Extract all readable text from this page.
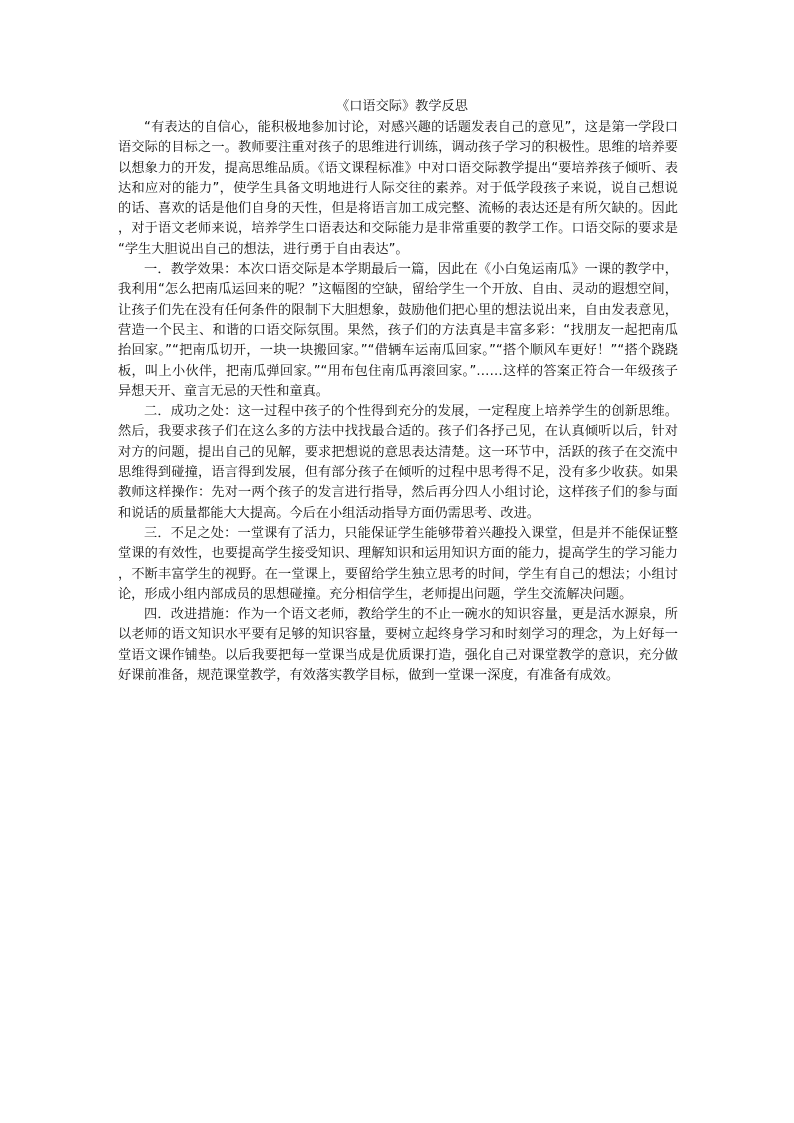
《口语交际》教学反思

“有表达的自信心，能积极地参加讨论，对感兴趣的话题发表自己的意见”，这是第一学段口语交际的目标之一。教师要注重对孩子的思维进行训练，调动孩子学习的积极性。思维的培养要以想象力的开发，提高思维品质。《语文课程标准》中对口语交际教学提出“要培养孩子倾听、表达和应对的能力”，使学生具备文明地进行人际交往的素养。对于低学段孩子来说，说自己想说的话、喜欢的话是他们自身的天性，但是将语言加工成完整、流畅的表达还是有所欠缺的。因此，对于语文老师来说，培养学生口语表达和交际能力是非常重要的教学工作。口语交际的要求是“学生大胆说出自己的想法，进行勇于自由表达”。

一．教学效果：本次口语交际是本学期最后一篇，因此在《小白兔运南瓜》一课的教学中，我利用“怎么把南瓜运回来的呢？”这幅图的空缺，留给学生一个开放、自由、灵动的遐想空间，让孩子们先在没有任何条件的限制下大胆想象，鼓励他们把心里的想法说出来，自由发表意见，营造一个民主、和谐的口语交际氛围。果然，孩子们的方法真是丰富多彩：“找朋友一起把南瓜抬回家。”“把南瓜切开，一块一块搬回家。”“借辆车运南瓜回家。”“搭个顺风车更好！”“搭个跷跷板，叫上小伙伴，把南瓜弹回家。”“用布包住南瓜再滚回家。”……这样的答案正符合一年级孩子异想天开、童言无忌的天性和童真。

二．成功之处：这一过程中孩子的个性得到充分的发展，一定程度上培养学生的创新思维。然后，我要求孩子们在这么多的方法中找找最合适的。孩子们各抒己见，在认真倾听以后，针对对方的问题，提出自己的见解，要求把想说的意思表达清楚。这一环节中，活跃的孩子在交流中思维得到碰撞，语言得到发展，但有部分孩子在倾听的过程中思考得不足，没有多少收获。如果教师这样操作：先对一两个孩子的发言进行指导，然后再分四人小组讨论，这样孩子们的参与面和说话的质量都能大大提高。今后在小组活动指导方面仍需思考、改进。

三．不足之处：一堂课有了活力，只能保证学生能够带着兴趣投入课堂，但是并不能保证整堂课的有效性，也要提高学生接受知识、理解知识和运用知识方面的能力，提高学生的学习能力，不断丰富学生的视野。在一堂课上，要留给学生独立思考的时间，学生有自己的想法；小组讨论，形成小组内部成员的思想碰撞。充分相信学生，老师提出问题，学生交流解决问题。

四．改进措施：作为一个语文老师，教给学生的不止一碗水的知识容量，更是活水源泉，所以老师的语文知识水平要有足够的知识容量，要树立起终身学习和时刻学习的理念，为上好每一堂语文课作铺垫。以后我要把每一堂课当成是优质课打造，强化自己对课堂教学的意识，充分做好课前准备，规范课堂教学，有效落实教学目标，做到一堂课一深度，有准备有成效。
